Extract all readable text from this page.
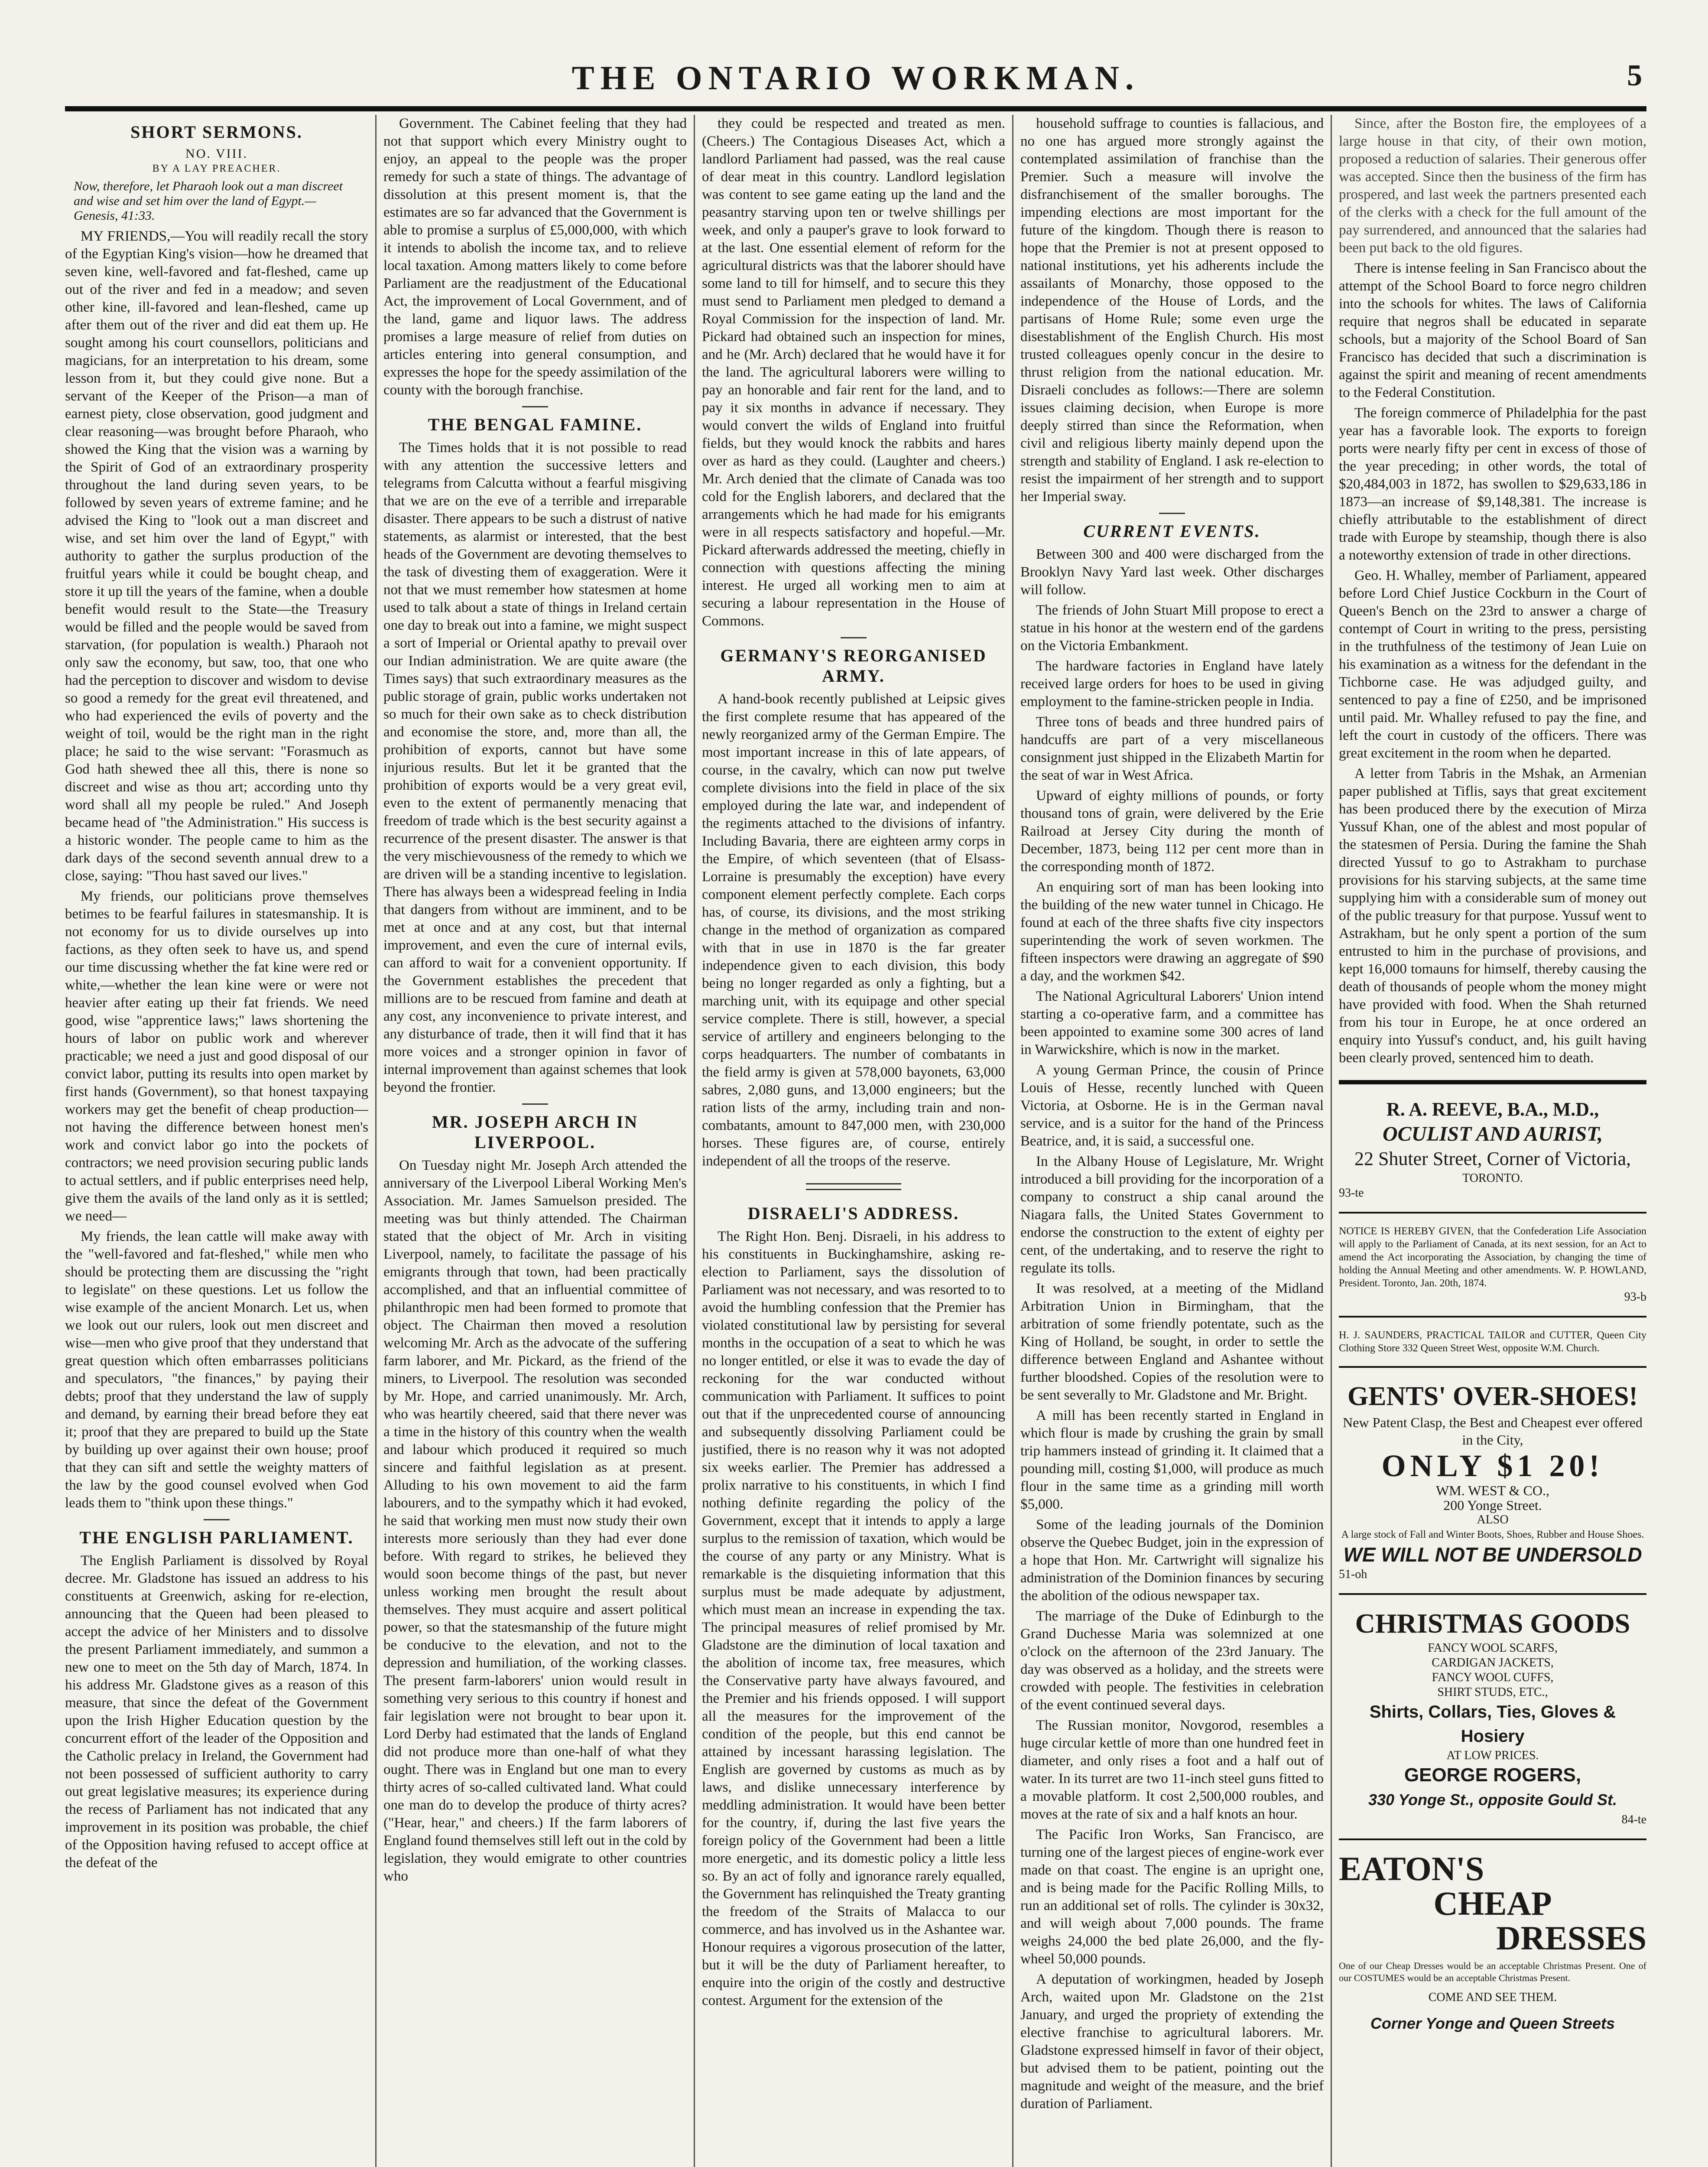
THE ONTARIO WORKMAN.	5
SHORT SERMONS.
NO. VIII.
BY A LAY PREACHER.
Now, therefore, let Pharaoh look out a man discreet and wise and set him over the land of Egypt.—Genesis, 41:33.

MY FRIENDS,—You will readily recall the story of the Egyptian King's vision—how he dreamed that seven kine, well-favored and fat-fleshed, came up out of the river and fed in a meadow; and seven other kine, ill-favored and lean-fleshed, came up after them out of the river and did eat them up. He sought among his court counsellors, politicians and magicians, for an interpretation to his dream, some lesson from it, but they could give none. But a servant of the Keeper of the Prison—a man of earnest piety, close observation, good judgment and clear reasoning—was brought before Pharaoh, who showed the King that the vision was a warning by the Spirit of God of an extraordinary prosperity throughout the land during seven years, to be followed by seven years of extreme famine; and he advised the King to "look out a man discreet and wise, and set him over the land of Egypt," with authority to gather the surplus production of the fruitful years while it could be bought cheap, and store it up till the years of the famine, when a double benefit would result to the State—the Treasury would be filled and the people would be saved from starvation, (for population is wealth.) Pharaoh not only saw the economy, but saw, too, that one who had the perception to discover and wisdom to devise so good a remedy for the great evil threatened, and who had experienced the evils of poverty and the weight of toil, would be the right man in the right place; he said to the wise servant: "Forasmuch as God hath shewed thee all this, there is none so discreet and wise as thou art; according unto thy word shall all my people be ruled." And Joseph became head of "the Administration." His success is a historic wonder. The people came to him as the dark days of the second seventh annual drew to a close, saying: "Thou hast saved our lives."

My friends, our politicians prove themselves betimes to be fearful failures in statesmanship. It is not economy for us to divide ourselves up into factions, as they often seek to have us, and spend our time discussing whether the fat kine were red or white,—whether the lean kine were or were not heavier after eating up their fat friends. We need good, wise "apprentice laws;" laws shortening the hours of labor on public work and wherever practicable; we need a just and good disposal of our convict labor, putting its results into open market by first hands (Government), so that honest taxpaying workers may get the benefit of cheap production—not having the difference between honest men's work and convict labor go into the pockets of contractors; we need provision securing public lands to actual settlers, and if public enterprises need help, give them the avails of the land only as it is settled; we need—

My friends, the lean cattle will make away with the "well-favored and fat-fleshed," while men who should be protecting them are discussing the "right to legislate" on these questions. Let us follow the wise example of the ancient Monarch. Let us, when we look out our rulers, look out men discreet and wise—men who give proof that they understand that great question which often embarrasses politicians and speculators, "the finances," by paying their debts; proof that they understand the law of supply and demand, by earning their bread before they eat it; proof that they are prepared to build up the State by building up over against their own house; proof that they can sift and settle the weighty matters of the law by the good counsel evolved when God leads them to "think upon these things."

THE ENGLISH PARLIAMENT.

The English Parliament is dissolved by Royal decree. Mr. Gladstone has issued an address to his constituents at Greenwich, asking for re-election, announcing that the Queen had been pleased to accept the advice of her Ministers and to dissolve the present Parliament immediately, and summon a new one to meet on the 5th day of March, 1874. In his address Mr. Gladstone gives as a reason of this measure, that since the defeat of the Government upon the Irish Higher Education question by the concurrent effort of the leader of the Opposition and the Catholic prelacy in Ireland, the Government had not been possessed of sufficient authority to carry out great legislative measures; its experience during the recess of Parliament has not indicated that any improvement in its position was probable, the chief of the Opposition having refused to accept office at the defeat of the

Government. The Cabinet feeling that they had not that support which every Ministry ought to enjoy, an appeal to the people was the proper remedy for such a state of things. The advantage of dissolution at this present moment is, that the estimates are so far advanced that the Government is able to promise a surplus of £5,000,000, with which it intends to abolish the income tax, and to relieve local taxation. Among matters likely to come before Parliament are the readjustment of the Educational Act, the improvement of Local Government, and of the land, game and liquor laws. The address promises a large measure of relief from duties on articles entering into general consumption, and expresses the hope for the speedy assimilation of the county with the borough franchise.

THE BENGAL FAMINE.

The Times holds that it is not possible to read with any attention the successive letters and telegrams from Calcutta without a fearful misgiving that we are on the eve of a terrible and irreparable disaster. There appears to be such a distrust of native statements, as alarmist or interested, that the best heads of the Government are devoting themselves to the task of divesting them of exaggeration. Were it not that we must remember how statesmen at home used to talk about a state of things in Ireland certain one day to break out into a famine, we might suspect a sort of Imperial or Oriental apathy to prevail over our Indian administration. We are quite aware (the Times says) that such extraordinary measures as the public storage of grain, public works undertaken not so much for their own sake as to check distribution and economise the store, and, more than all, the prohibition of exports, cannot but have some injurious results. But let it be granted that the prohibition of exports would be a very great evil, even to the extent of permanently menacing that freedom of trade which is the best security against a recurrence of the present disaster. The answer is that the very mischievousness of the remedy to which we are driven will be a standing incentive to legislation. There has always been a widespread feeling in India that dangers from without are imminent, and to be met at once and at any cost, but that internal improvement, and even the cure of internal evils, can afford to wait for a convenient opportunity. If the Government establishes the precedent that millions are to be rescued from famine and death at any cost, any inconvenience to private interest, and any disturbance of trade, then it will find that it has more voices and a stronger opinion in favor of internal improvement than against schemes that look beyond the frontier.

MR. JOSEPH ARCH IN LIVERPOOL.

On Tuesday night Mr. Joseph Arch attended the anniversary of the Liverpool Liberal Working Men's Association. Mr. James Samuelson presided. The meeting was but thinly attended. The Chairman stated that the object of Mr. Arch in visiting Liverpool, namely, to facilitate the passage of his emigrants through that town, had been practically accomplished, and that an influential committee of philanthropic men had been formed to promote that object. The Chairman then moved a resolution welcoming Mr. Arch as the advocate of the suffering farm laborer, and Mr. Pickard, as the friend of the miners, to Liverpool. The resolution was seconded by Mr. Hope, and carried unanimously. Mr. Arch, who was heartily cheered, said that there never was a time in the history of this country when the wealth and labour which produced it required so much sincere and faithful legislation as at present. Alluding to his own movement to aid the farm labourers, and to the sympathy which it had evoked, he said that working men must now study their own interests more seriously than they had ever done before. With regard to strikes, he believed they would soon become things of the past, but never unless working men brought the result about themselves. They must acquire and assert political power, so that the statesmanship of the future might be conducive to the elevation, and not to the depression and humiliation, of the working classes. The present farm-laborers' union would result in something very serious to this country if honest and fair legislation were not brought to bear upon it. Lord Derby had estimated that the lands of England did not produce more than one-half of what they ought. There was in England but one man to every thirty acres of so-called cultivated land. What could one man do to develop the produce of thirty acres? ("Hear, hear," and cheers.) If the farm laborers of England found themselves still left out in the cold by legislation, they would emigrate to other countries who

they could be respected and treated as men. (Cheers.) The Contagious Diseases Act, which a landlord Parliament had passed, was the real cause of dear meat in this country. Landlord legislation was content to see game eating up the land and the peasantry starving upon ten or twelve shillings per week, and only a pauper's grave to look forward to at the last. One essential element of reform for the agricultural districts was that the laborer should have some land to till for himself, and to secure this they must send to Parliament men pledged to demand a Royal Commission for the inspection of land. Mr. Pickard had obtained such an inspection for mines, and he (Mr. Arch) declared that he would have it for the land. The agricultural laborers were willing to pay an honorable and fair rent for the land, and to pay it six months in advance if necessary. They would convert the wilds of England into fruitful fields, but they would knock the rabbits and hares over as hard as they could. (Laughter and cheers.) Mr. Arch denied that the climate of Canada was too cold for the English laborers, and declared that the arrangements which he had made for his emigrants were in all respects satisfactory and hopeful.—Mr. Pickard afterwards addressed the meeting, chiefly in connection with questions affecting the mining interest. He urged all working men to aim at securing a labour representation in the House of Commons.

GERMANY'S REORGANISED ARMY.

A hand-book recently published at Leipsic gives the first complete resume that has appeared of the newly reorganized army of the German Empire. The most important increase in this of late appears, of course, in the cavalry, which can now put twelve complete divisions into the field in place of the six employed during the late war, and independent of the regiments attached to the divisions of infantry. Including Bavaria, there are eighteen army corps in the Empire, of which seventeen (that of Elsass-Lorraine is presumably the exception) have every component element perfectly complete. Each corps has, of course, its divisions, and the most striking change in the method of organization as compared with that in use in 1870 is the far greater independence given to each division, this body being no longer regarded as only a fighting, but a marching unit, with its equipage and other special service complete. There is still, however, a special service of artillery and engineers belonging to the corps headquarters. The number of combatants in the field army is given at 578,000 bayonets, 63,000 sabres, 2,080 guns, and 13,000 engineers; but the ration lists of the army, including train and non-combatants, amount to 847,000 men, with 230,000 horses. These figures are, of course, entirely independent of all the troops of the reserve.

DISRAELI'S ADDRESS.

The Right Hon. Benj. Disraeli, in his address to his constituents in Buckinghamshire, asking re-election to Parliament, says the dissolution of Parliament was not necessary, and was resorted to to avoid the humbling confession that the Premier has violated constitutional law by persisting for several months in the occupation of a seat to which he was no longer entitled, or else it was to evade the day of reckoning for the war conducted without communication with Parliament. It suffices to point out that if the unprecedented course of announcing and subsequently dissolving Parliament could be justified, there is no reason why it was not adopted six weeks earlier. The Premier has addressed a prolix narrative to his constituents, in which I find nothing definite regarding the policy of the Government, except that it intends to apply a large surplus to the remission of taxation, which would be the course of any party or any Ministry. What is remarkable is the disquieting information that this surplus must be made adequate by adjustment, which must mean an increase in expending the tax. The principal measures of relief promised by Mr. Gladstone are the diminution of local taxation and the abolition of income tax, free measures, which the Conservative party have always favoured, and the Premier and his friends opposed. I will support all the measures for the improvement of the condition of the people, but this end cannot be attained by incessant harassing legislation. The English are governed by customs as much as by laws, and dislike unnecessary interference by meddling administration. It would have been better for the country, if, during the last five years the foreign policy of the Government had been a little more energetic, and its domestic policy a little less so. By an act of folly and ignorance rarely equalled, the Government has relinquished the Treaty granting the freedom of the Straits of Malacca to our commerce, and has involved us in the Ashantee war. Honour requires a vigorous prosecution of the latter, but it will be the duty of Parliament hereafter, to enquire into the origin of the costly and destructive contest. Argument for the extension of the

household suffrage to counties is fallacious, and no one has argued more strongly against the contemplated assimilation of franchise than the Premier. Such a measure will involve the disfranchisement of the smaller boroughs. The impending elections are most important for the future of the kingdom. Though there is reason to hope that the Premier is not at present opposed to national institutions, yet his adherents include the assailants of Monarchy, those opposed to the independence of the House of Lords, and the partisans of Home Rule; some even urge the disestablishment of the English Church. His most trusted colleagues openly concur in the desire to thrust religion from the national education. Mr. Disraeli concludes as follows:—There are solemn issues claiming decision, when Europe is more deeply stirred than since the Reformation, when civil and religious liberty mainly depend upon the strength and stability of England. I ask re-election to resist the impairment of her strength and to support her Imperial sway.

CURRENT EVENTS.

Between 300 and 400 were discharged from the Brooklyn Navy Yard last week. Other discharges will follow.

The friends of John Stuart Mill propose to erect a statue in his honor at the western end of the gardens on the Victoria Embankment.

The hardware factories in England have lately received large orders for hoes to be used in giving employment to the famine-stricken people in India.

Three tons of beads and three hundred pairs of handcuffs are part of a very miscellaneous consignment just shipped in the Elizabeth Martin for the seat of war in West Africa.

Upward of eighty millions of pounds, or forty thousand tons of grain, were delivered by the Erie Railroad at Jersey City during the month of December, 1873, being 112 per cent more than in the corresponding month of 1872.

An enquiring sort of man has been looking into the building of the new water tunnel in Chicago. He found at each of the three shafts five city inspectors superintending the work of seven workmen. The fifteen inspectors were drawing an aggregate of $90 a day, and the workmen $42.

The National Agricultural Laborers' Union intend starting a co-operative farm, and a committee has been appointed to examine some 300 acres of land in Warwickshire, which is now in the market.

A young German Prince, the cousin of Prince Louis of Hesse, recently lunched with Queen Victoria, at Osborne. He is in the German naval service, and is a suitor for the hand of the Princess Beatrice, and, it is said, a successful one.

In the Albany House of Legislature, Mr. Wright introduced a bill providing for the incorporation of a company to construct a ship canal around the Niagara falls, the United States Government to endorse the construction to the extent of eighty per cent, of the undertaking, and to reserve the right to regulate its tolls.

It was resolved, at a meeting of the Midland Arbitration Union in Birmingham, that the arbitration of some friendly potentate, such as the King of Holland, be sought, in order to settle the difference between England and Ashantee without further bloodshed. Copies of the resolution were to be sent severally to Mr. Gladstone and Mr. Bright.

A mill has been recently started in England in which flour is made by crushing the grain by small trip hammers instead of grinding it. It claimed that a pounding mill, costing $1,000, will produce as much flour in the same time as a grinding mill worth $5,000.

Some of the leading journals of the Dominion observe the Quebec Budget, join in the expression of a hope that Hon. Mr. Cartwright will signalize his administration of the Dominion finances by securing the abolition of the odious newspaper tax.

The marriage of the Duke of Edinburgh to the Grand Duchesse Maria was solemnized at one o'clock on the afternoon of the 23rd January. The day was observed as a holiday, and the streets were crowded with people. The festivities in celebration of the event continued several days.

The Russian monitor, Novgorod, resembles a huge circular kettle of more than one hundred feet in diameter, and only rises a foot and a half out of water. In its turret are two 11-inch steel guns fitted to a movable platform. It cost 2,500,000 roubles, and moves at the rate of six and a half knots an hour.

The Pacific Iron Works, San Francisco, are turning one of the largest pieces of engine-work ever made on that coast. The engine is an upright one, and is being made for the Pacific Rolling Mills, to run an additional set of rolls. The cylinder is 30x32, and will weigh about 7,000 pounds. The frame weighs 24,000 the bed plate 26,000, and the fly-wheel 50,000 pounds.

A deputation of workingmen, headed by Joseph Arch, waited upon Mr. Gladstone on the 21st January, and urged the propriety of extending the elective franchise to agricultural laborers. Mr. Gladstone expressed himself in favor of their object, but advised them to be patient, pointing out the magnitude and weight of the measure, and the brief duration of Parliament.

Since, after the Boston fire, the employees of a large house in that city, of their own motion, proposed a reduction of salaries. Their generous offer was accepted. Since then the business of the firm has prospered, and last week the partners presented each of the clerks with a check for the full amount of the pay surrendered, and announced that the salaries had been put back to the old figures.

There is intense feeling in San Francisco about the attempt of the School Board to force negro children into the schools for whites. The laws of California require that negros shall be educated in separate schools, but a majority of the School Board of San Francisco has decided that such a discrimination is against the spirit and meaning of recent amendments to the Federal Constitution.

The foreign commerce of Philadelphia for the past year has a favorable look. The exports to foreign ports were nearly fifty per cent in excess of those of the year preceding; in other words, the total of $20,484,003 in 1872, has swollen to $29,633,186 in 1873—an increase of $9,148,381. The increase is chiefly attributable to the establishment of direct trade with Europe by steamship, though there is also a noteworthy extension of trade in other directions.

Geo. H. Whalley, member of Parliament, appeared before Lord Chief Justice Cockburn in the Court of Queen's Bench on the 23rd to answer a charge of contempt of Court in writing to the press, persisting in the truthfulness of the testimony of Jean Luie on his examination as a witness for the defendant in the Tichborne case. He was adjudged guilty, and sentenced to pay a fine of £250, and be imprisoned until paid. Mr. Whalley refused to pay the fine, and left the court in custody of the officers. There was great excitement in the room when he departed.

A letter from Tabris in the Mshak, an Armenian paper published at Tiflis, says that great excitement has been produced there by the execution of Mirza Yussuf Khan, one of the ablest and most popular of the statesmen of Persia. During the famine the Shah directed Yussuf to go to Astrakham to purchase provisions for his starving subjects, at the same time supplying him with a considerable sum of money out of the public treasury for that purpose. Yussuf went to Astrakham, but he only spent a portion of the sum entrusted to him in the purchase of provisions, and kept 16,000 tomauns for himself, thereby causing the death of thousands of people whom the money might have provided with food. When the Shah returned from his tour in Europe, he at once ordered an enquiry into Yussuf's conduct, and, his guilt having been clearly proved, sentenced him to death.

R. A. REEVE, B.A., M.D.,
OCULIST AND AURIST,
22 Shuter Street, Corner of Victoria,
TORONTO.
93-te
NOTICE IS HEREBY GIVEN, that the Confederation Life Association will apply to the Parliament of Canada, at its next session, for an Act to amend the Act incorporating the Association, by changing the time of holding the Annual Meeting and other amendments. W. P. HOWLAND, President. Toronto, Jan. 20th, 1874.
93-b
H. J. SAUNDERS, PRACTICAL TAILOR and CUTTER, Queen City Clothing Store 332 Queen Street West, opposite W.M. Church.
GENTS' OVER-SHOES!
New Patent Clasp, the Best and Cheapest ever offered in the City,
ONLY $1 20!
WM. WEST & CO.,
200 Yonge Street.
ALSO
A large stock of Fall and Winter Boots, Shoes, Rubber and House Shoes.
WE WILL NOT BE UNDERSOLD
51-oh
CHRISTMAS GOODS
FANCY WOOL SCARFS,
CARDIGAN JACKETS,
FANCY WOOL CUFFS,
SHIRT STUDS, ETC.,
Shirts, Collars, Ties, Gloves & Hosiery
AT LOW PRICES.
GEORGE ROGERS,
330 Yonge St., opposite Gould St.
84-te
EATON'S
CHEAP
DRESSES
One of our Cheap Dresses would be an acceptable Christmas Present. One of our COSTUMES would be an acceptable Christmas Present.
COME AND SEE THEM.
Corner Yonge and Queen Streets
